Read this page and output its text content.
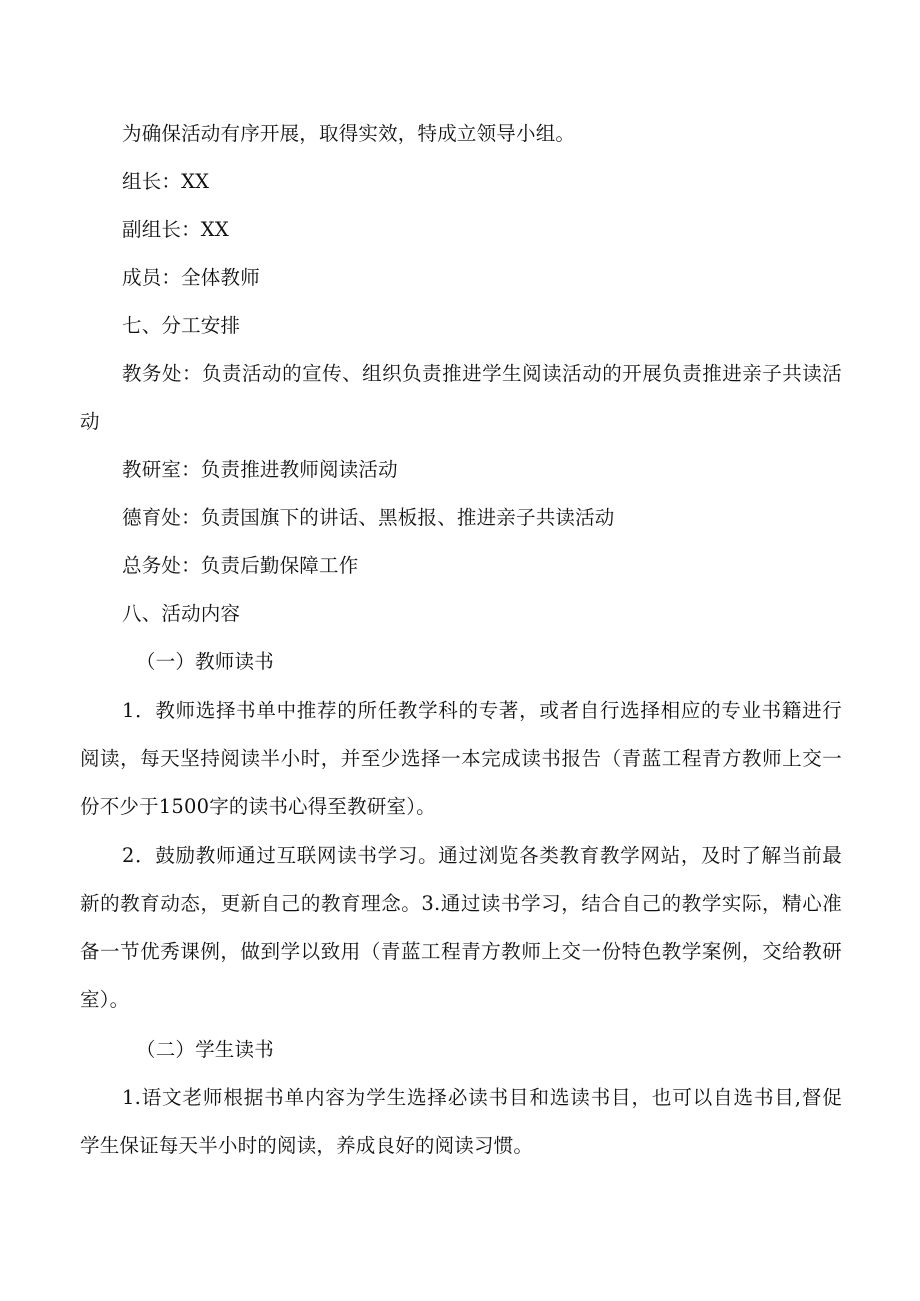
为确保活动有序开展，取得实效，特成立领导小组。
组长：XX
副组长：XX
成员：全体教师
七、分工安排
教务处：负责活动的宣传、组织负责推进学生阅读活动的开展负责推进亲子共读活
动
教研室：负责推进教师阅读活动
德育处：负责国旗下的讲话、黑板报、推进亲子共读活动
总务处：负责后勤保障工作
八、活动内容
（一）教师读书
1．教师选择书单中推荐的所任教学科的专著，或者自行选择相应的专业书籍进行
阅读，每天坚持阅读半小时，并至少选择一本完成读书报告（青蓝工程青方教师上交一
份不少于1500字的读书心得至教研室）。
2．鼓励教师通过互联网读书学习。通过浏览各类教育教学网站，及时了解当前最
新的教育动态，更新自己的教育理念。3.通过读书学习，结合自己的教学实际，精心准
备一节优秀课例，做到学以致用（青蓝工程青方教师上交一份特色教学案例，交给教研
室）。
（二）学生读书
1.语文老师根据书单内容为学生选择必读书目和选读书目，也可以自选书目,督促
学生保证每天半小时的阅读，养成良好的阅读习惯。
